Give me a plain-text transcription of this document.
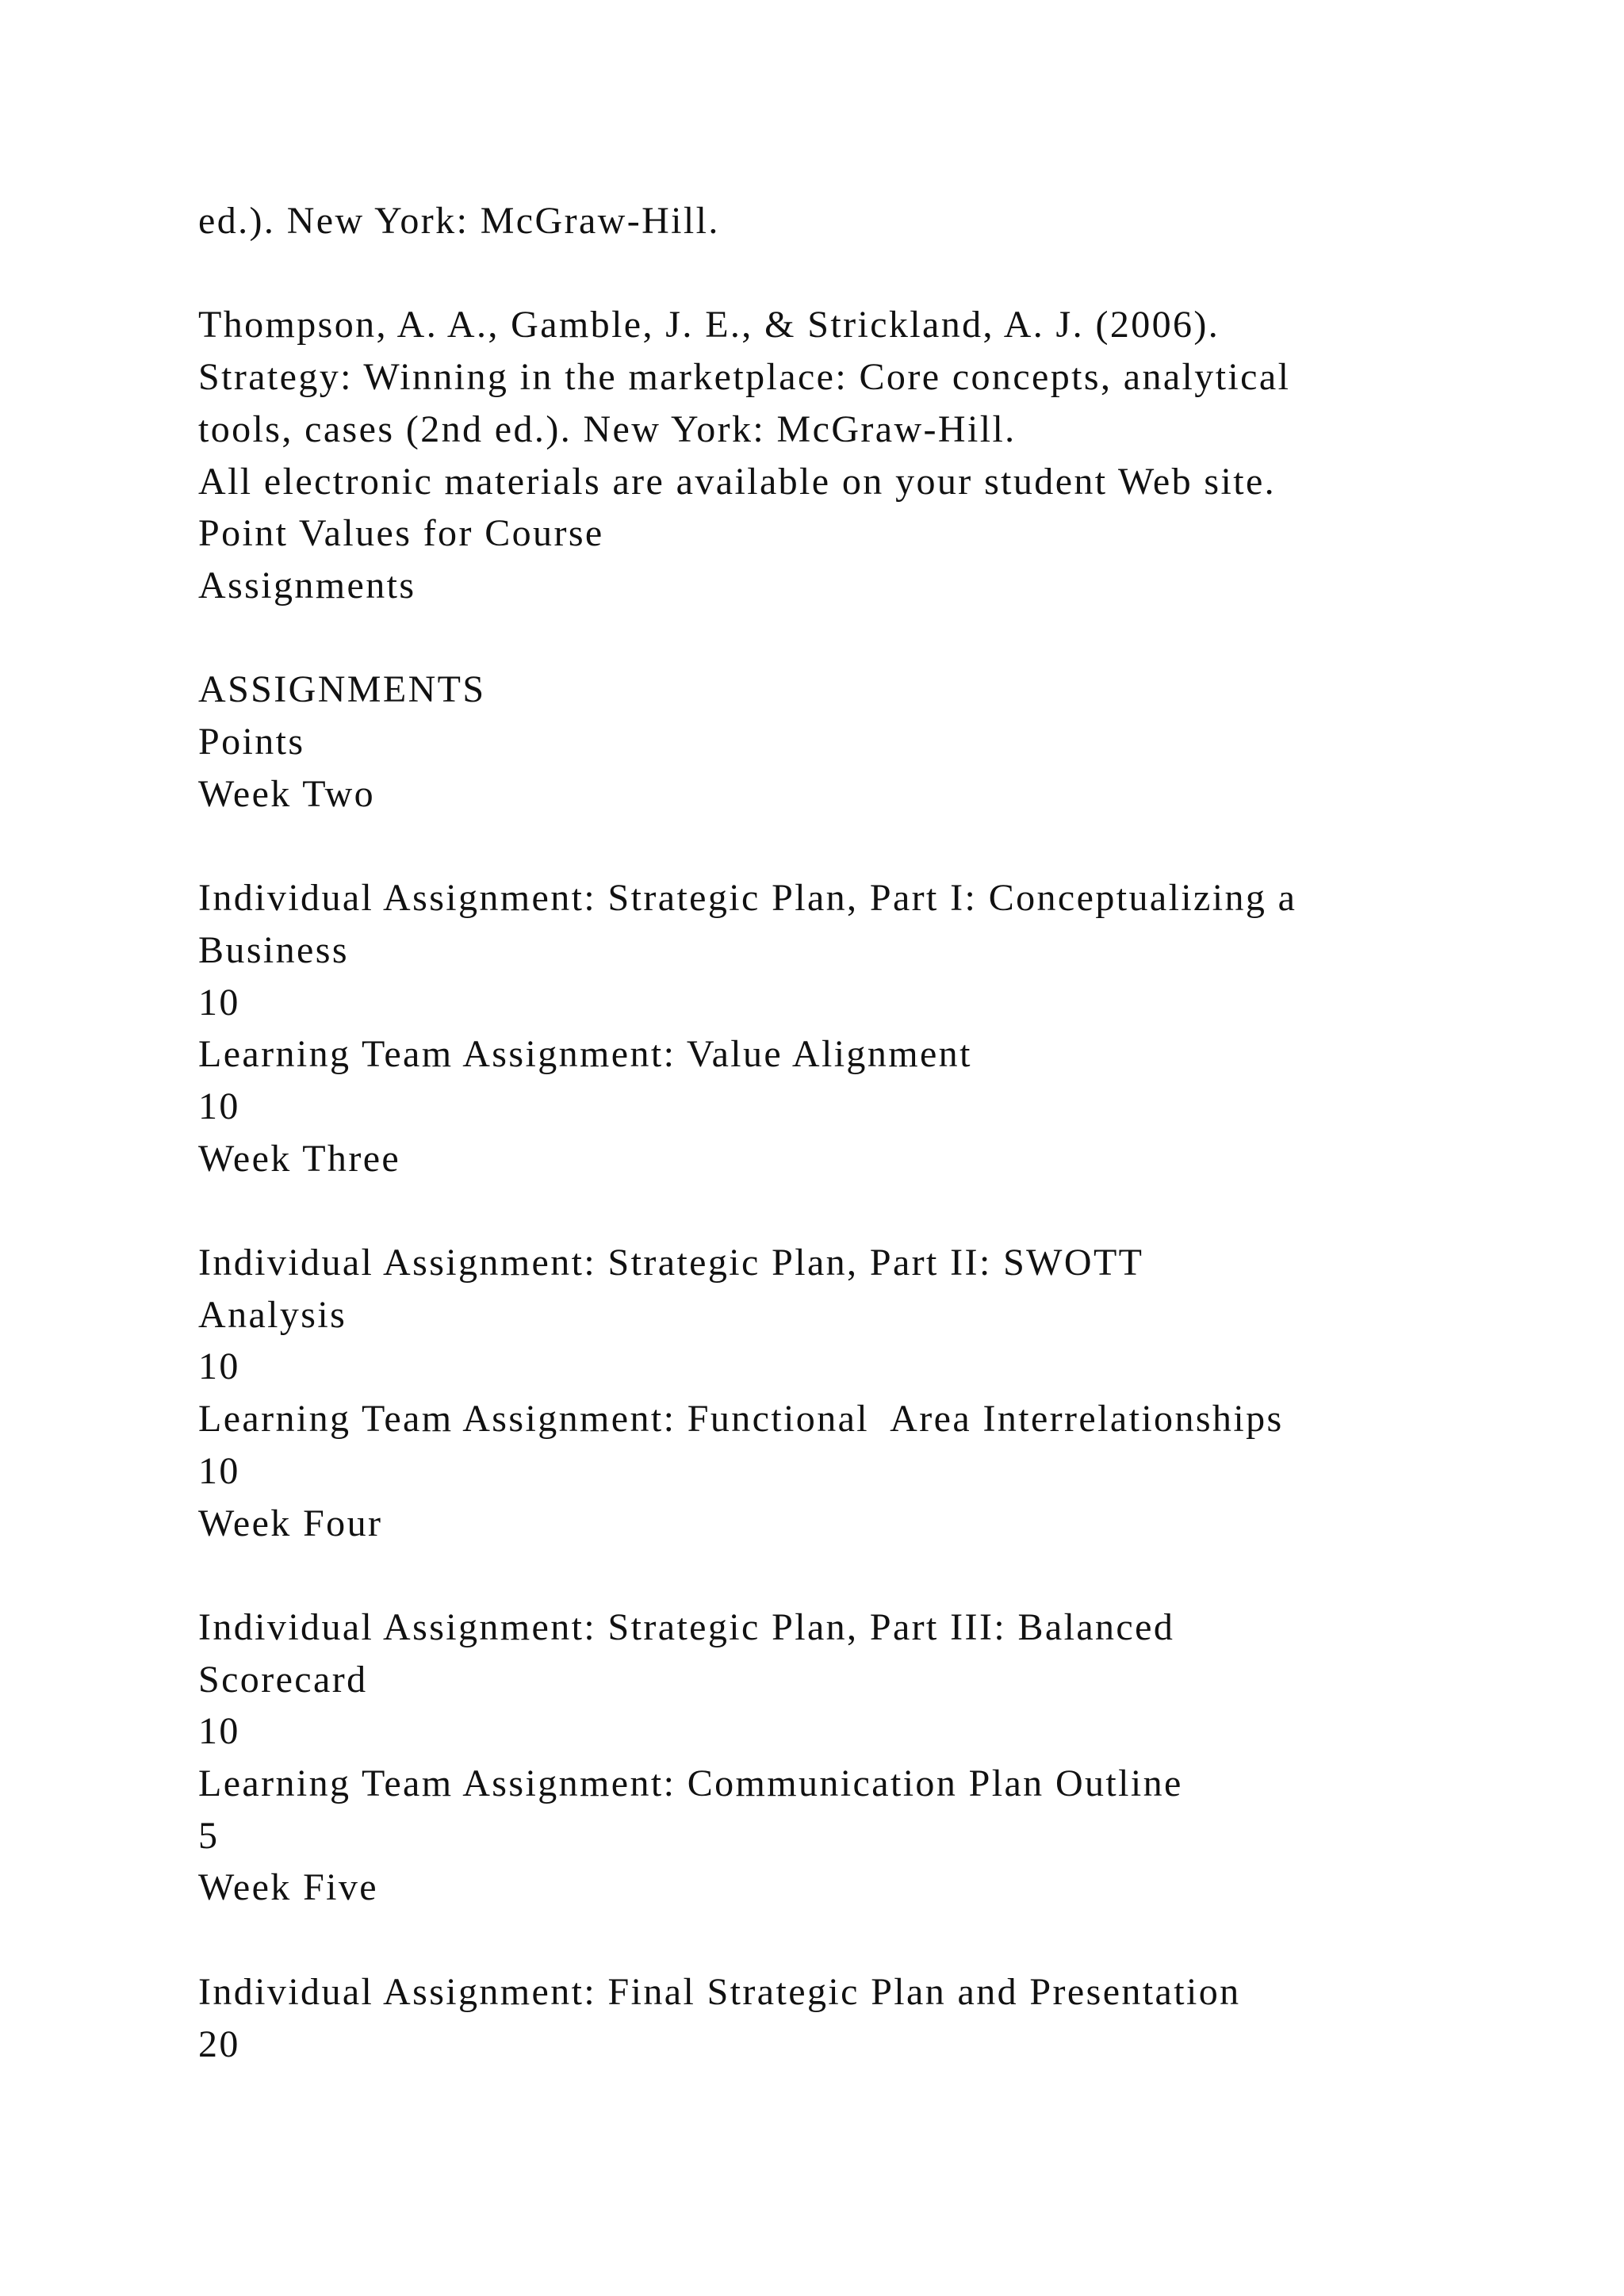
ed.). New York: McGraw-Hill.
Thompson, A. A., Gamble, J. E., & Strickland, A. J. (2006).
Strategy: Winning in the marketplace: Core concepts, analytical
tools, cases (2nd ed.). New York: McGraw-Hill.
All electronic materials are available on your student Web site.
Point Values for Course
Assignments
ASSIGNMENTS
Points
Week Two
Individual Assignment: Strategic Plan, Part I: Conceptualizing a
Business
10
Learning Team Assignment: Value Alignment
10
Week Three
Individual Assignment: Strategic Plan, Part II: SWOTT
Analysis
10
Learning Team Assignment: Functional  Area Interrelationships
10
Week Four
Individual Assignment: Strategic Plan, Part III: Balanced
Scorecard
10
Learning Team Assignment: Communication Plan Outline
5
Week Five
Individual Assignment: Final Strategic Plan and Presentation
20
